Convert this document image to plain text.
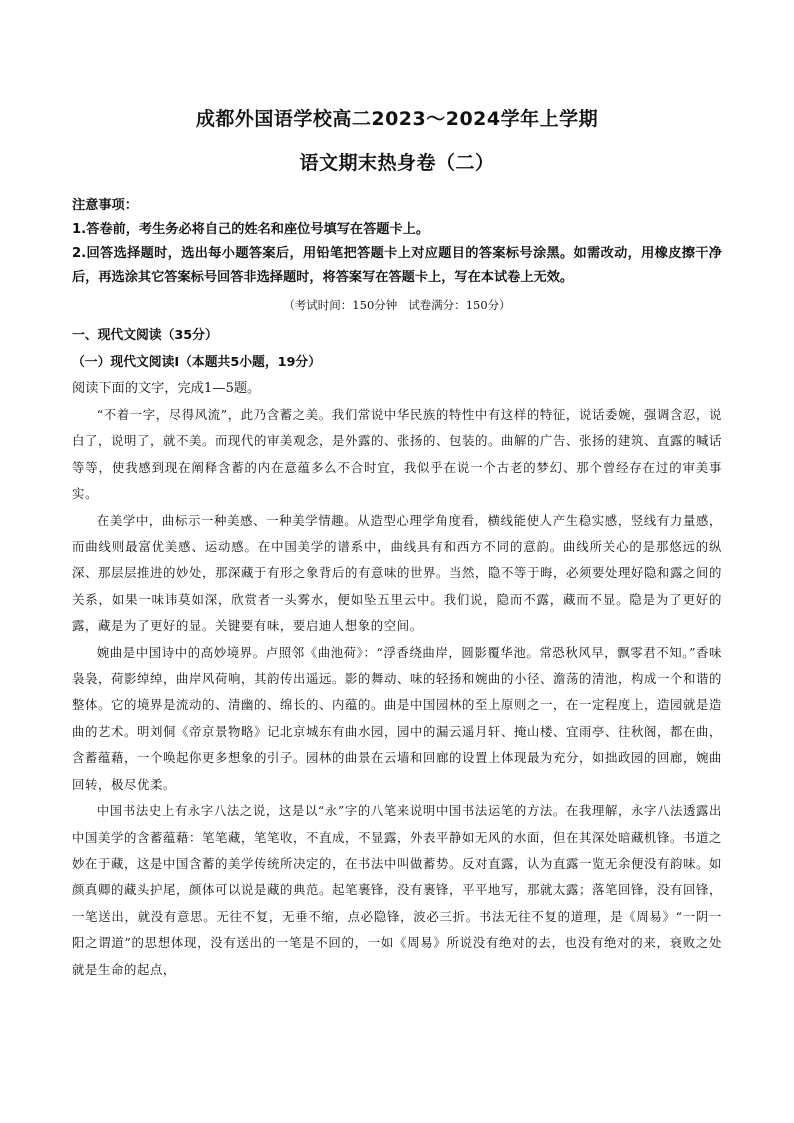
成都外国语学校高二2023～2024学年上学期
语文期末热身卷（二）

注意事项：

1.答卷前，考生务必将自己的姓名和座位号填写在答题卡上。

2.回答选择题时，选出每小题答案后，用铅笔把答题卡上对应题目的答案标号涂黑。如需改动，用橡皮擦干净后，再选涂其它答案标号回答非选择题时，将答案写在答题卡上，写在本试卷上无效。

（考试时间：150分钟   试卷满分：150分）

一、现代文阅读（35分）

（一）现代文阅读Ⅰ（本题共5小题，19分）

阅读下面的文字，完成1—5题。

“不着一字，尽得风流”，此乃含蓄之美。我们常说中华民族的特性中有这样的特征，说话委婉，强调含忍，说白了，说明了，就不美。而现代的审美观念，是外露的、张扬的、包装的。曲解的广告、张扬的建筑、直露的喊话等等，使我感到现在阐释含蓄的内在意蕴多么不合时宜，我似乎在说一个古老的梦幻、那个曾经存在过的审美事实。

在美学中，曲标示一种美感、一种美学情趣。从造型心理学角度看，横线能使人产生稳实感，竖线有力量感，而曲线则最富优美感、运动感。在中国美学的谱系中，曲线具有和西方不同的意韵。曲线所关心的是那悠远的纵深、那层层推进的妙处，那深藏于有形之象背后的有意味的世界。当然，隐不等于晦，必须要处理好隐和露之间的关系，如果一味讳莫如深，欣赏者一头雾水，便如坠五里云中。我们说，隐而不露，藏而不显。隐是为了更好的露，藏是为了更好的显。关键要有味，要启迪人想象的空间。

婉曲是中国诗中的高妙境界。卢照邻《曲池荷》：“浮香绕曲岸，圆影覆华池。常恐秋风早，飘零君不知。”香味袅袅，荷影绰绰，曲岸风荷响，其韵传出遥远。影的舞动、味的轻扬和婉曲的小径、澹荡的清池，构成一个和谐的整体。它的境界是流动的、清幽的、绵长的、内蕴的。曲是中国园林的至上原则之一，在一定程度上，造园就是造曲的艺术。明刘侗《帝京景物略》记北京城东有曲水园，园中的漏云遥月轩、掩山楼、宜雨亭、往秋阁，都在曲，含蓄蕴藉，一个唤起你更多想象的引子。园林的曲景在云墙和回廊的设置上体现最为充分，如拙政园的回廊，婉曲回转，极尽优柔。

中国书法史上有永字八法之说，这是以“永”字的八笔来说明中国书法运笔的方法。在我理解，永字八法透露出中国美学的含蓄蕴藉：笔笔藏，笔笔收，不直成，不显露，外表平静如无风的水面，但在其深处暗藏机锋。书道之妙在于藏，这是中国含蓄的美学传统所决定的，在书法中叫做蓄势。反对直露，认为直露一览无余便没有韵味。如颜真卿的藏头护尾，颜体可以说是藏的典范。起笔裹锋，没有裹锋，平平地写，那就太露；落笔回锋，没有回锋，一笔送出，就没有意思。无往不复，无垂不缩，点必隐锋，波必三折。书法无往不复的道理，是《周易》“一阴一阳之谓道”的思想体现，没有送出的一笔是不回的，一如《周易》所说没有绝对的去，也没有绝对的来，衰败之处就是生命的起点，
